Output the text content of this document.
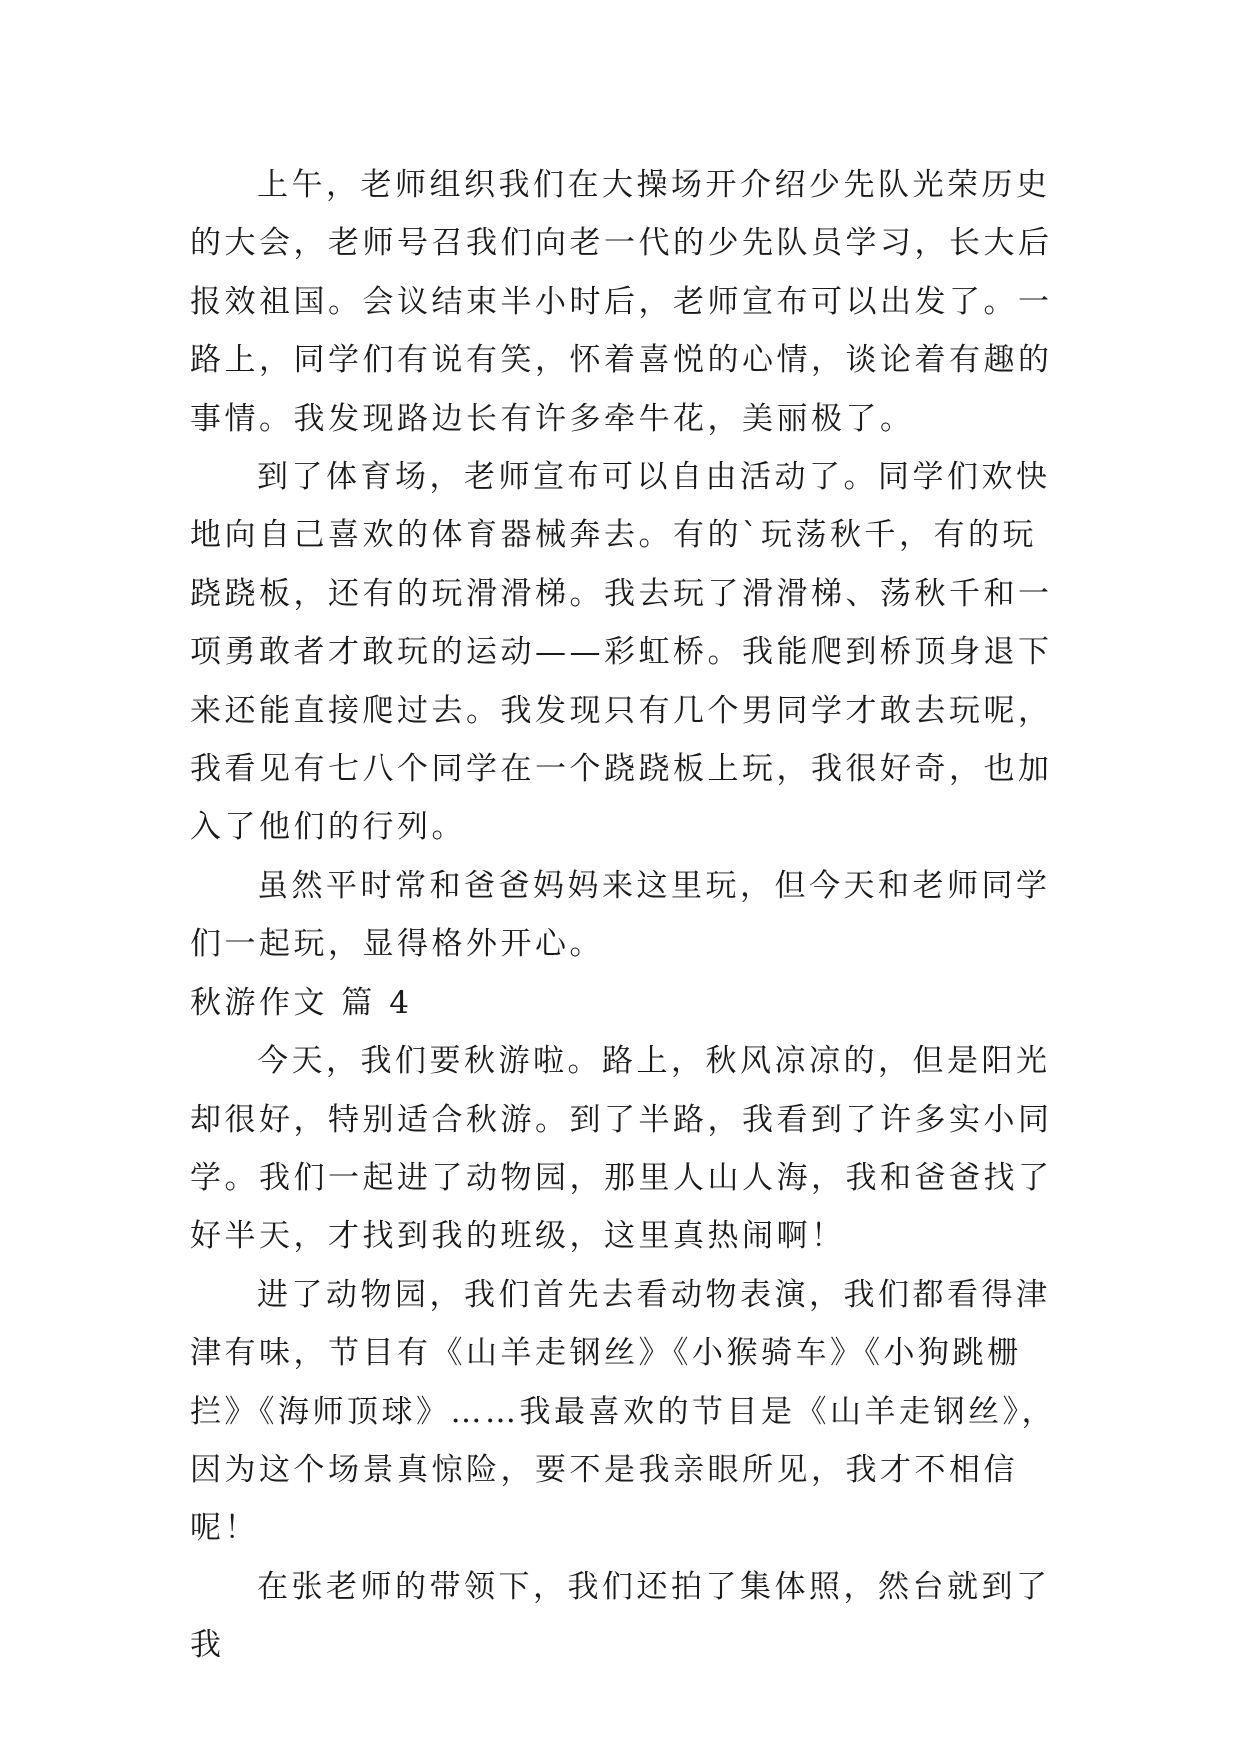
上午，老师组织我们在大操场开介绍少先队光荣历史的大会，老师号召我们向老一代的少先队员学习，长大后报效祖国。会议结束半小时后，老师宣布可以出发了。一路上，同学们有说有笑，怀着喜悦的心情，谈论着有趣的事情。我发现路边长有许多牵牛花，美丽极了。

到了体育场，老师宣布可以自由活动了。同学们欢快地向自己喜欢的体育器械奔去。有的`玩荡秋千，有的玩跷跷板，还有的玩滑滑梯。我去玩了滑滑梯、荡秋千和一项勇敢者才敢玩的运动——彩虹桥。我能爬到桥顶身退下来还能直接爬过去。我发现只有几个男同学才敢去玩呢，我看见有七八个同学在一个跷跷板上玩，我很好奇，也加入了他们的行列。

虽然平时常和爸爸妈妈来这里玩，但今天和老师同学们一起玩，显得格外开心。

秋游作文 篇 4

今天，我们要秋游啦。路上，秋风凉凉的，但是阳光却很好，特别适合秋游。到了半路，我看到了许多实小同学。我们一起进了动物园，那里人山人海，我和爸爸找了好半天，才找到我的班级，这里真热闹啊！

进了动物园，我们首先去看动物表演，我们都看得津津有味，节目有《山羊走钢丝》《小猴骑车》《小狗跳栅拦》《海师顶球》……我最喜欢的节目是《山羊走钢丝》，因为这个场景真惊险，要不是我亲眼所见，我才不相信呢！

在张老师的带领下，我们还拍了集体照，然台就到了我
